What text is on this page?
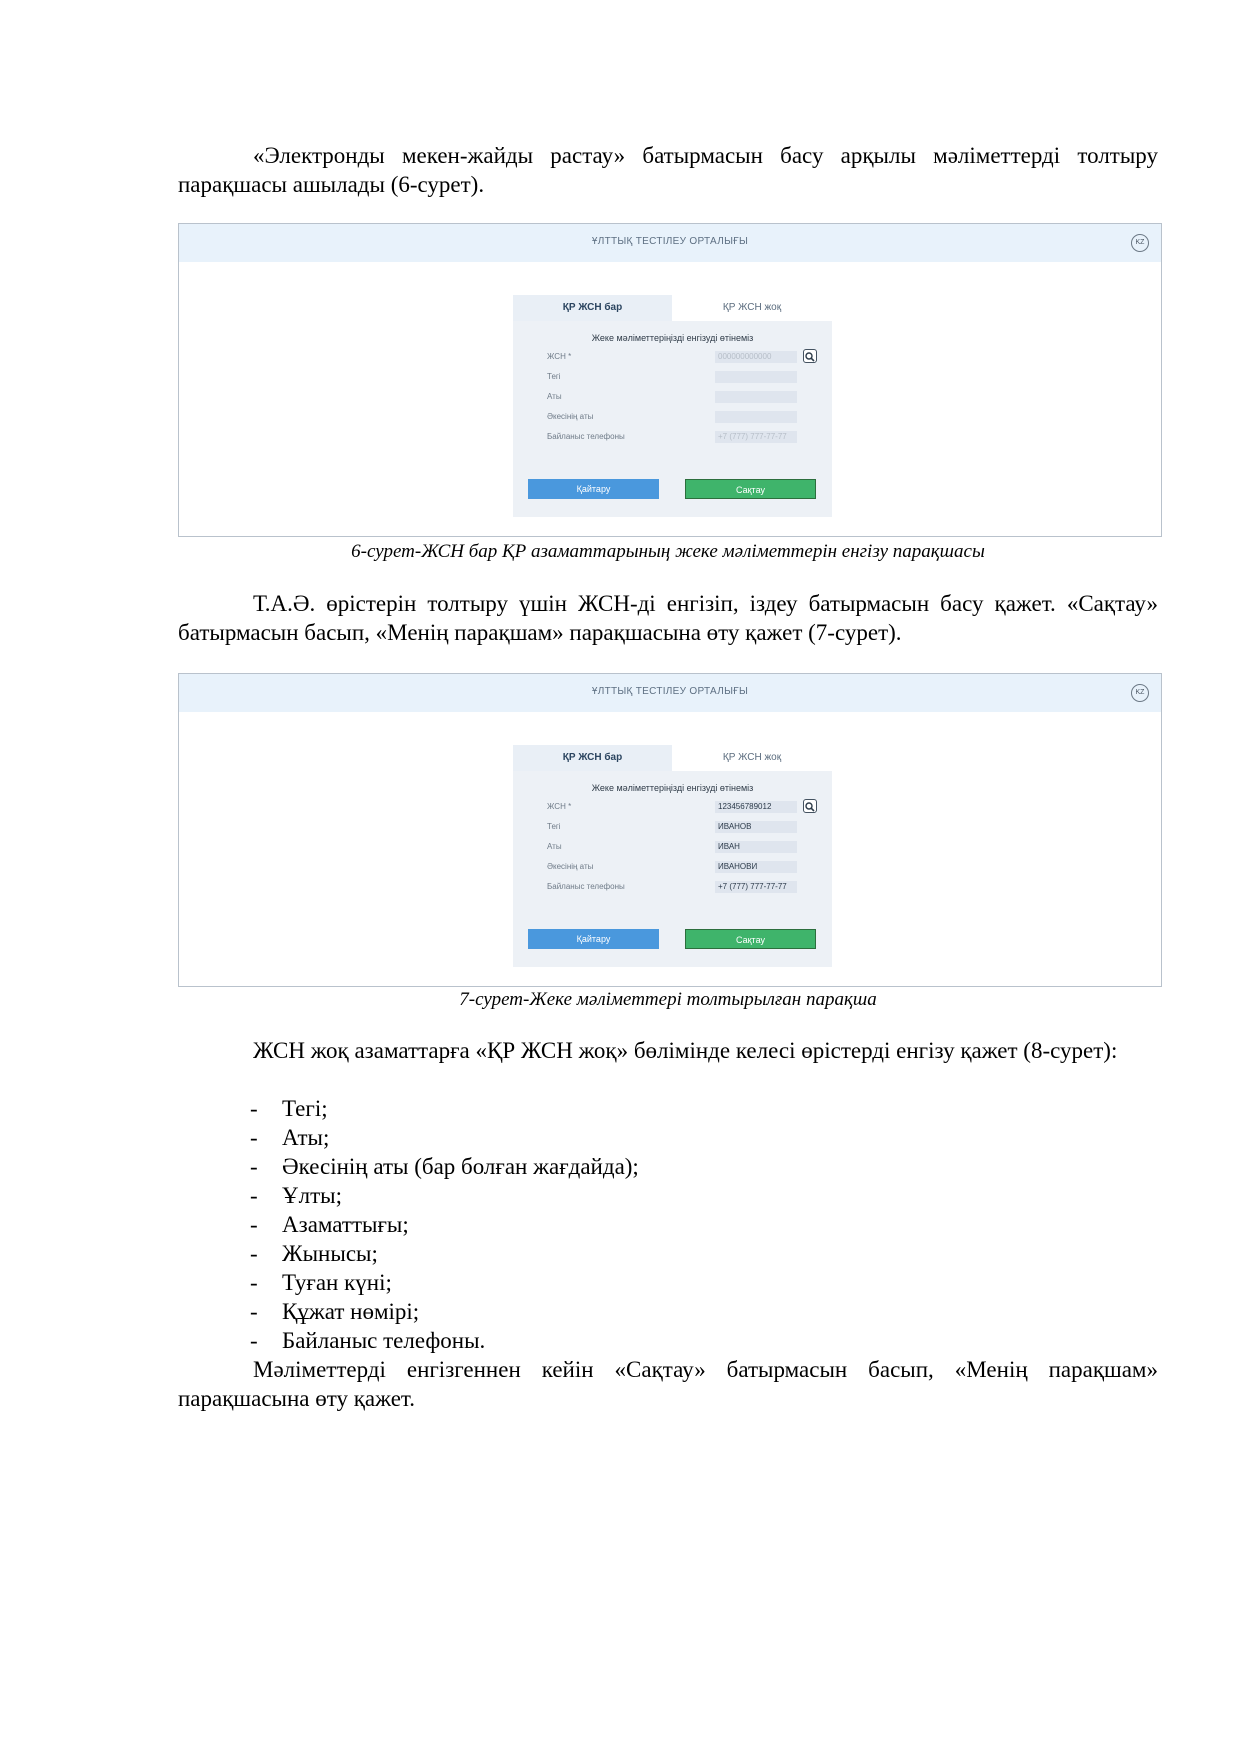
«Электронды мекен-жайды растау» батырмасын басу арқылы мәліметтерді толтыру парақшасы ашылады (6-сурет).
ҰЛТТЫҚ ТЕСТІЛЕУ ОРТАЛЫҒЫ	KZ
ҚР ЖСН бар	ҚР ЖСН жоқ
Жеке мәліметтеріңізді енгізуді өтінеміз
ЖСН *	000000000000
Тегі
Аты
Әкесінің аты
Байланыс телефоны	+7 (777) 777-77-77
Қайтару	Сақтау
6-сурет-ЖСН бар ҚР азаматтарының жеке мәліметтерін енгізу парақшасы
Т.А.Ә. өрістерін толтыру үшін ЖСН-ді енгізіп, іздеу батырмасын басу қажет. «Сақтау» батырмасын басып, «Менің парақшам» парақшасына өту қажет (7-сурет).
ҰЛТТЫҚ ТЕСТІЛЕУ ОРТАЛЫҒЫ	KZ
ҚР ЖСН бар	ҚР ЖСН жоқ
Жеке мәліметтеріңізді енгізуді өтінеміз
ЖСН *	123456789012
Тегі	ИВАНОВ
Аты	ИВАН
Әкесінің аты	ИВАНОВИ
Байланыс телефоны	+7 (777) 777-77-77
Қайтару	Сақтау
7-сурет-Жеке мәліметтері толтырылған парақша
ЖСН жоқ азаматтарға «ҚР ЖСН жоқ» бөлімінде келесі өрістерді енгізу қажет (8-сурет):
-	Тегі;
-	Аты;
-	Әкесінің аты (бар болған жағдайда);
-	Ұлты;
-	Азаматтығы;
-	Жынысы;
-	Туған күні;
-	Құжат нөмірі;
-	Байланыс телефоны.
Мәліметтерді енгізгеннен кейін «Сақтау» батырмасын басып, «Менің парақшам» парақшасына өту қажет.
